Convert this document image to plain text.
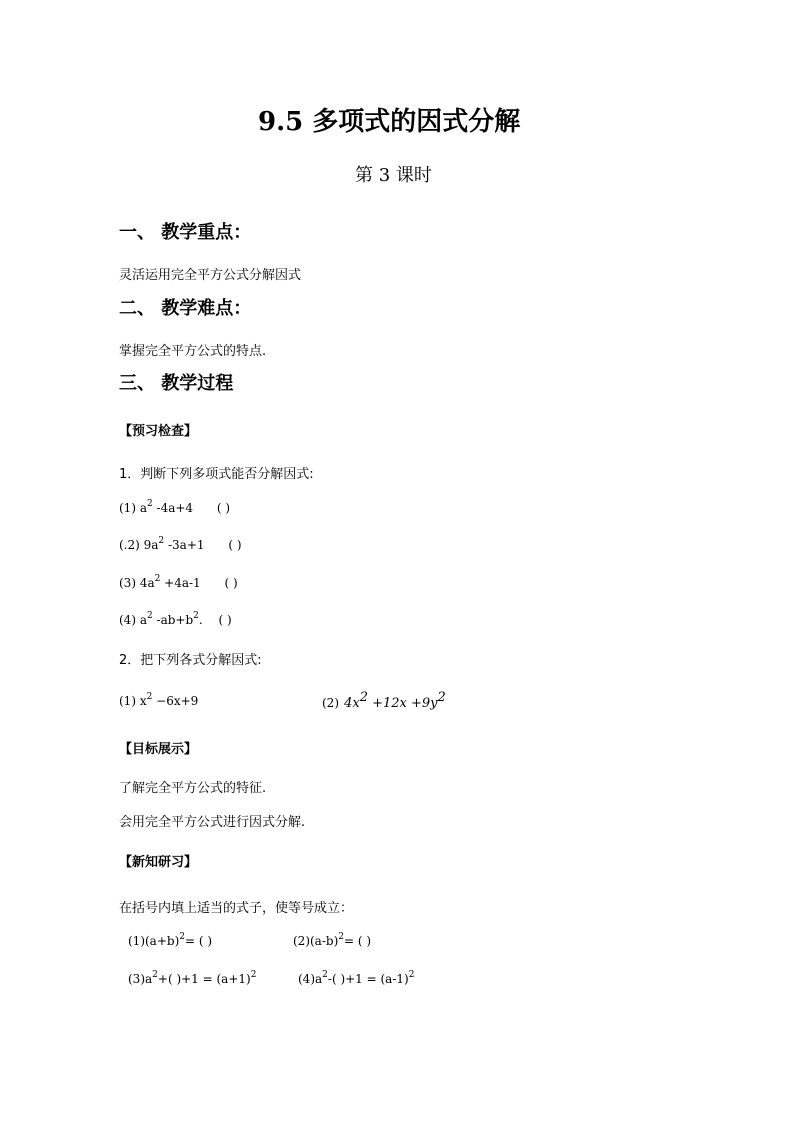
9.5 多项式的因式分解
第 3 课时
一、 教学重点：
灵活运用完全平方公式分解因式
二、 教学难点：
掌握完全平方公式的特点.
三、 教学过程
【预习检查】
1．判断下列多项式能否分解因式:
(1) $a^2$ -4a+4 ( )
(.2) $9a^2$ -3a+1 ( )
(3) $4a^2 +4a-1$ ( )
(4) $a^2$ $-ab+b^2$. ( )
2．把下列各式分解因式:
(1) $x^2 -6x+9$	(2) $4x^2 +12x +9y^2$
【目标展示】
了解完全平方公式的特征.
会用完全平方公式进行因式分解.
【新知研习】
在括号内填上适当的式子，使等号成立：
$(1)(a+b)^2=$ ( )	$(2)(a-b)^2=$ ( )
$(3)a^2+$( )$+1 = (a+1)^2$	$(4)a^2-$( )$+1 = (a-1)^2$
